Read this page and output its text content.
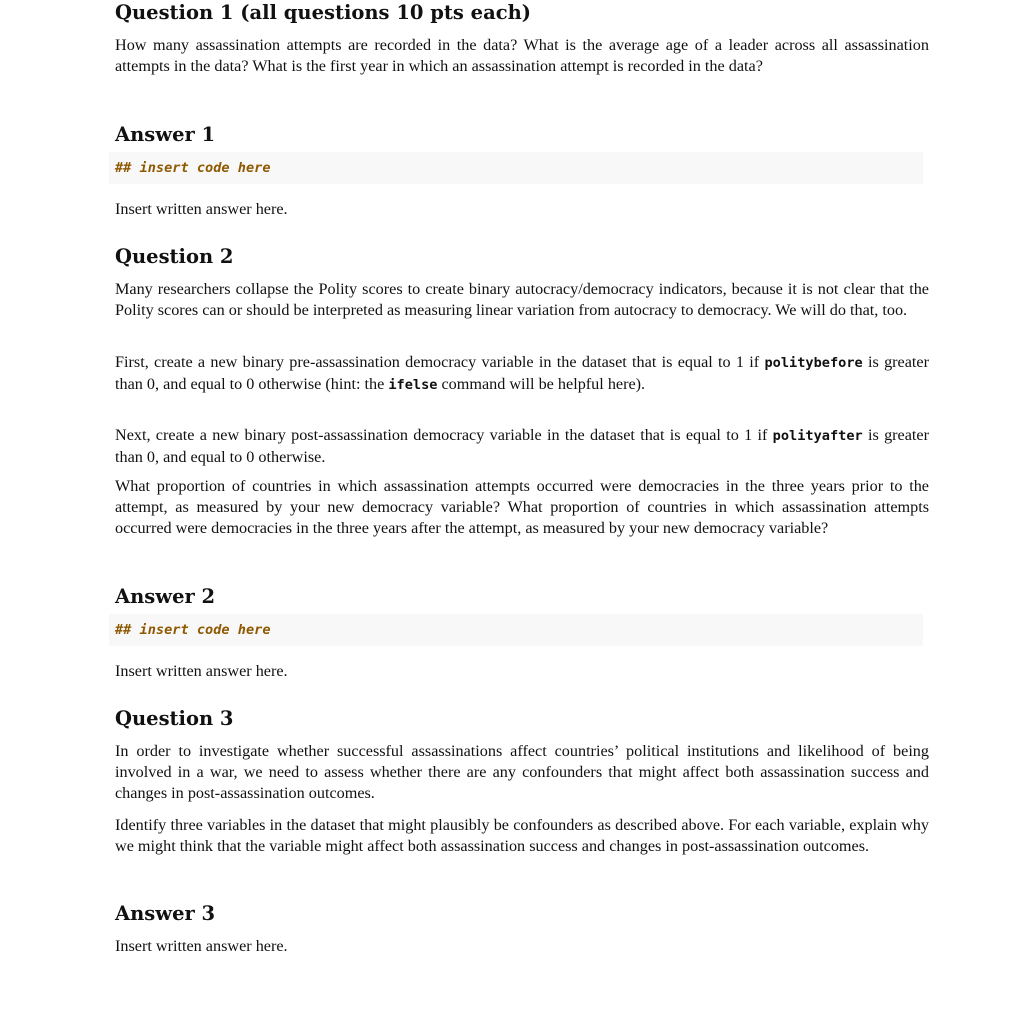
Question 1 (all questions 10 pts each)

How many assassination attempts are recorded in the data? What is the average age of a leader across all assassination attempts in the data? What is the first year in which an assassination attempt is recorded in the data?

Answer 1
## insert code here

Insert written answer here.

Question 2

Many researchers collapse the Polity scores to create binary autocracy/democracy indicators, because it is not clear that the Polity scores can or should be interpreted as measuring linear variation from autocracy to democracy. We will do that, too.

First, create a new binary pre-assassination democracy variable in the dataset that is equal to 1 if politybefore is greater than 0, and equal to 0 otherwise (hint: the ifelse command will be helpful here).

Next, create a new binary post-assassination democracy variable in the dataset that is equal to 1 if polityafter is greater than 0, and equal to 0 otherwise.

What proportion of countries in which assassination attempts occurred were democracies in the three years prior to the attempt, as measured by your new democracy variable? What proportion of countries in which assassination attempts occurred were democracies in the three years after the attempt, as measured by your new democracy variable?

Answer 2
## insert code here

Insert written answer here.

Question 3

In order to investigate whether successful assassinations affect countries’ political institutions and likelihood of being involved in a war, we need to assess whether there are any confounders that might affect both assassination success and changes in post-assassination outcomes.

Identify three variables in the dataset that might plausibly be confounders as described above. For each variable, explain why we might think that the variable might affect both assassination success and changes in post-assassination outcomes.

Answer 3

Insert written answer here.
